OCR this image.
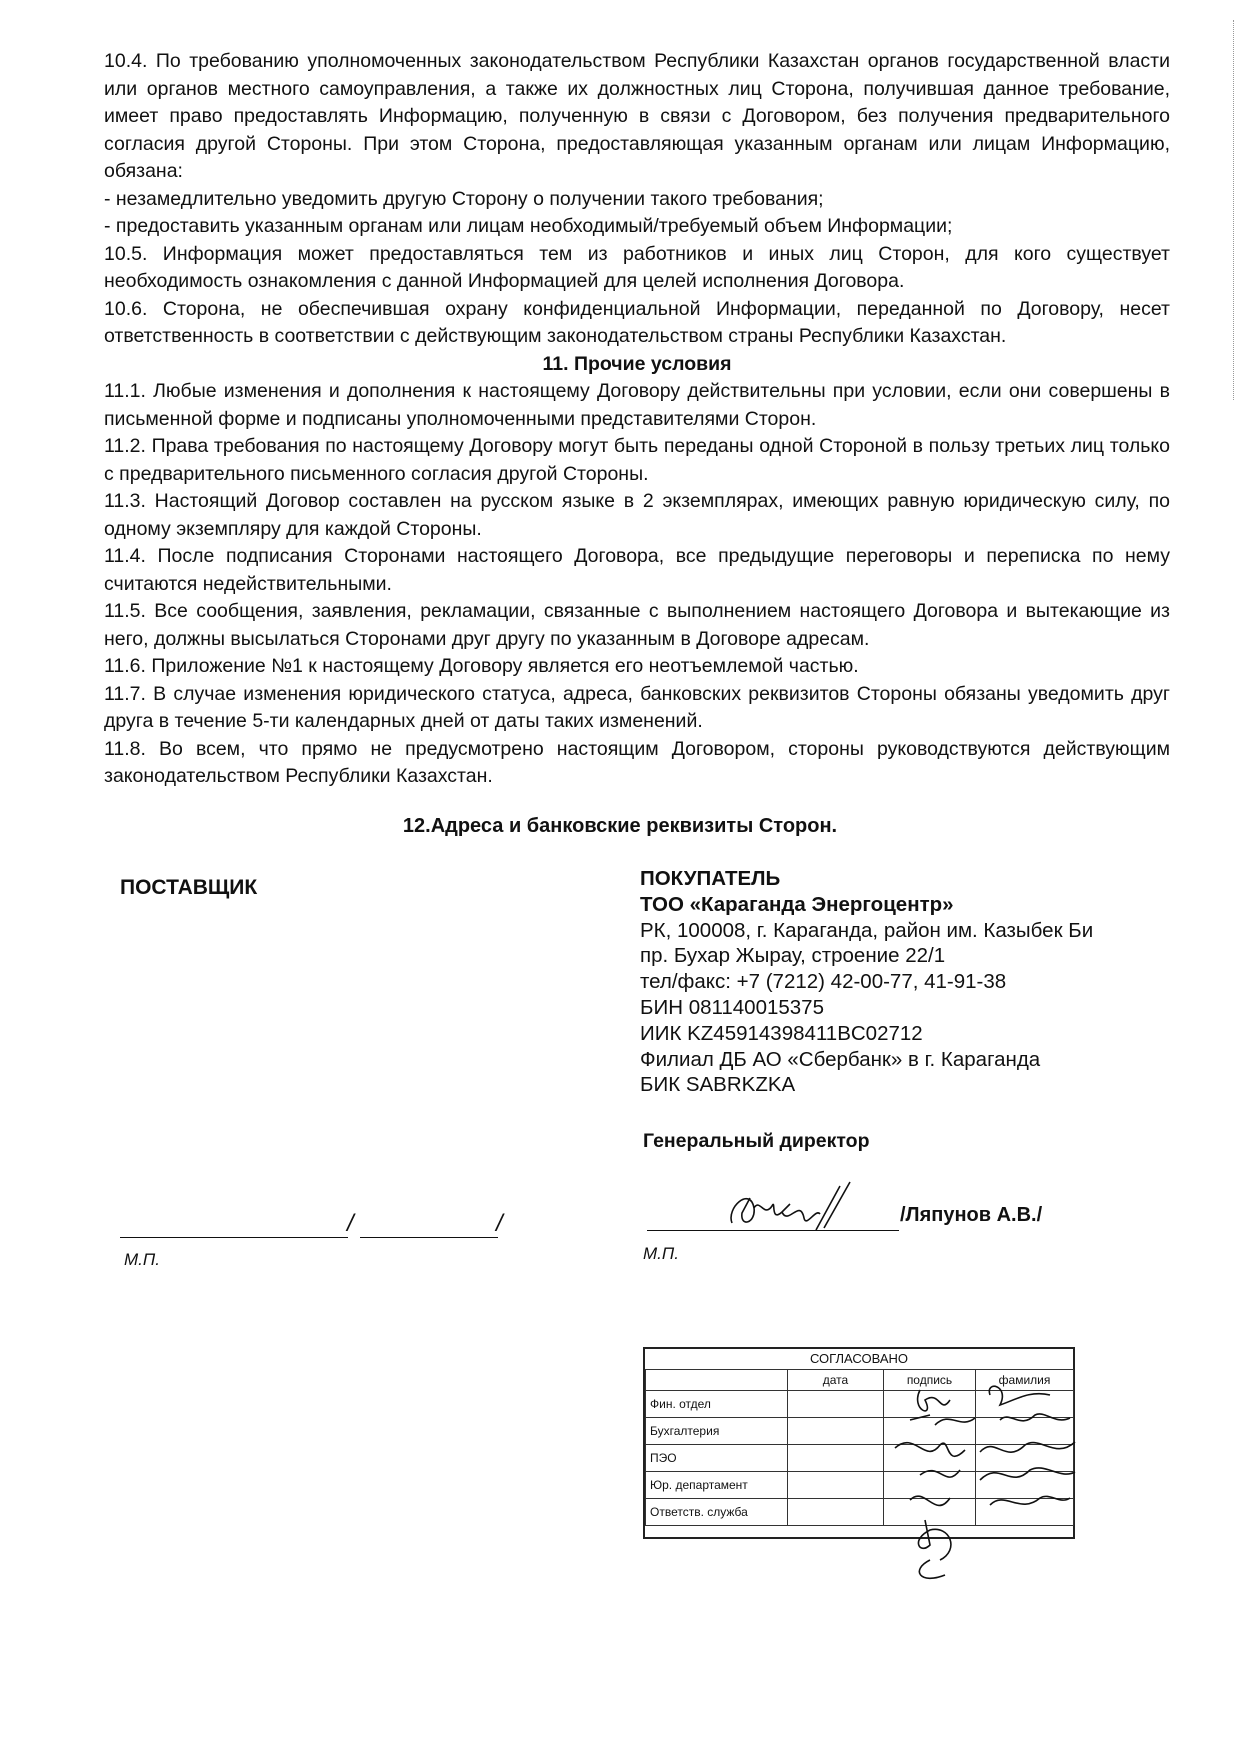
10.4. По требованию уполномоченных законодательством Республики Казахстан органов государственной власти или органов местного самоуправления, а также их должностных лиц Сторона, получившая данное требование, имеет право предоставлять Информацию, полученную в связи с Договором, без получения предварительного согласия другой Стороны. При этом Сторона, предоставляющая указанным органам или лицам Информацию, обязана:

- незамедлительно уведомить другую Сторону о получении такого требования;

- предоставить указанным органам или лицам необходимый/требуемый объем Информации;

10.5. Информация может предоставляться тем из работников и иных лиц Сторон, для кого существует необходимость ознакомления с данной Информацией для целей исполнения Договора.

10.6. Сторона, не обеспечившая охрану конфиденциальной Информации, переданной по Договору, несет ответственность в соответствии с действующим законодательством страны Республики Казахстан.

11. Прочие условия

11.1. Любые изменения и дополнения к настоящему Договору действительны при условии, если они совершены в письменной форме и подписаны уполномоченными представителями Сторон.

11.2. Права требования по настоящему Договору могут быть переданы одной Стороной в пользу третьих лиц только с предварительного письменного согласия другой Стороны.

11.3. Настоящий Договор составлен на русском языке в 2 экземплярах, имеющих равную юридическую силу, по одному экземпляру для каждой Стороны.

11.4. После подписания Сторонами настоящего Договора, все предыдущие переговоры и переписка по нему считаются недействительными.

11.5. Все сообщения, заявления, рекламации, связанные с выполнением настоящего Договора и вытекающие из него, должны высылаться Сторонами друг другу по указанным в Договоре адресам.

11.6. Приложение №1 к настоящему Договору является его неотъемлемой частью.

11.7. В случае изменения юридического статуса, адреса, банковских реквизитов Стороны обязаны уведомить друг друга в течение 5-ти календарных дней от даты таких изменений.

11.8. Во всем, что прямо не предусмотрено настоящим Договором, стороны руководствуются действующим законодательством Республики Казахстан.

12.Адреса и банковские реквизиты Сторон.
ПОСТАВЩИК	ПОКУПАТЕЛЬ
ТОО «Караганда Энергоцентр»
РК, 100008, г. Караганда, район им. Казыбек Би
пр. Бухар Жырау, строение 22/1
тел/факс: +7 (7212) 42-00-77, 41-91-38
БИН 081140015375
ИИК KZ45914398411BC02712
Филиал ДБ АО «Сбербанк» в г. Караганда
БИК SABRKZKA
Генеральный директор
/	/
М.П.
/Ляпунов А.В./
М.П.
СОГЛАСОВАНО
	дата	подпись	фамилия
Фин. отдел			
Бухгалтерия			
ПЭО			
Юр. департамент			
Ответств. служба			
